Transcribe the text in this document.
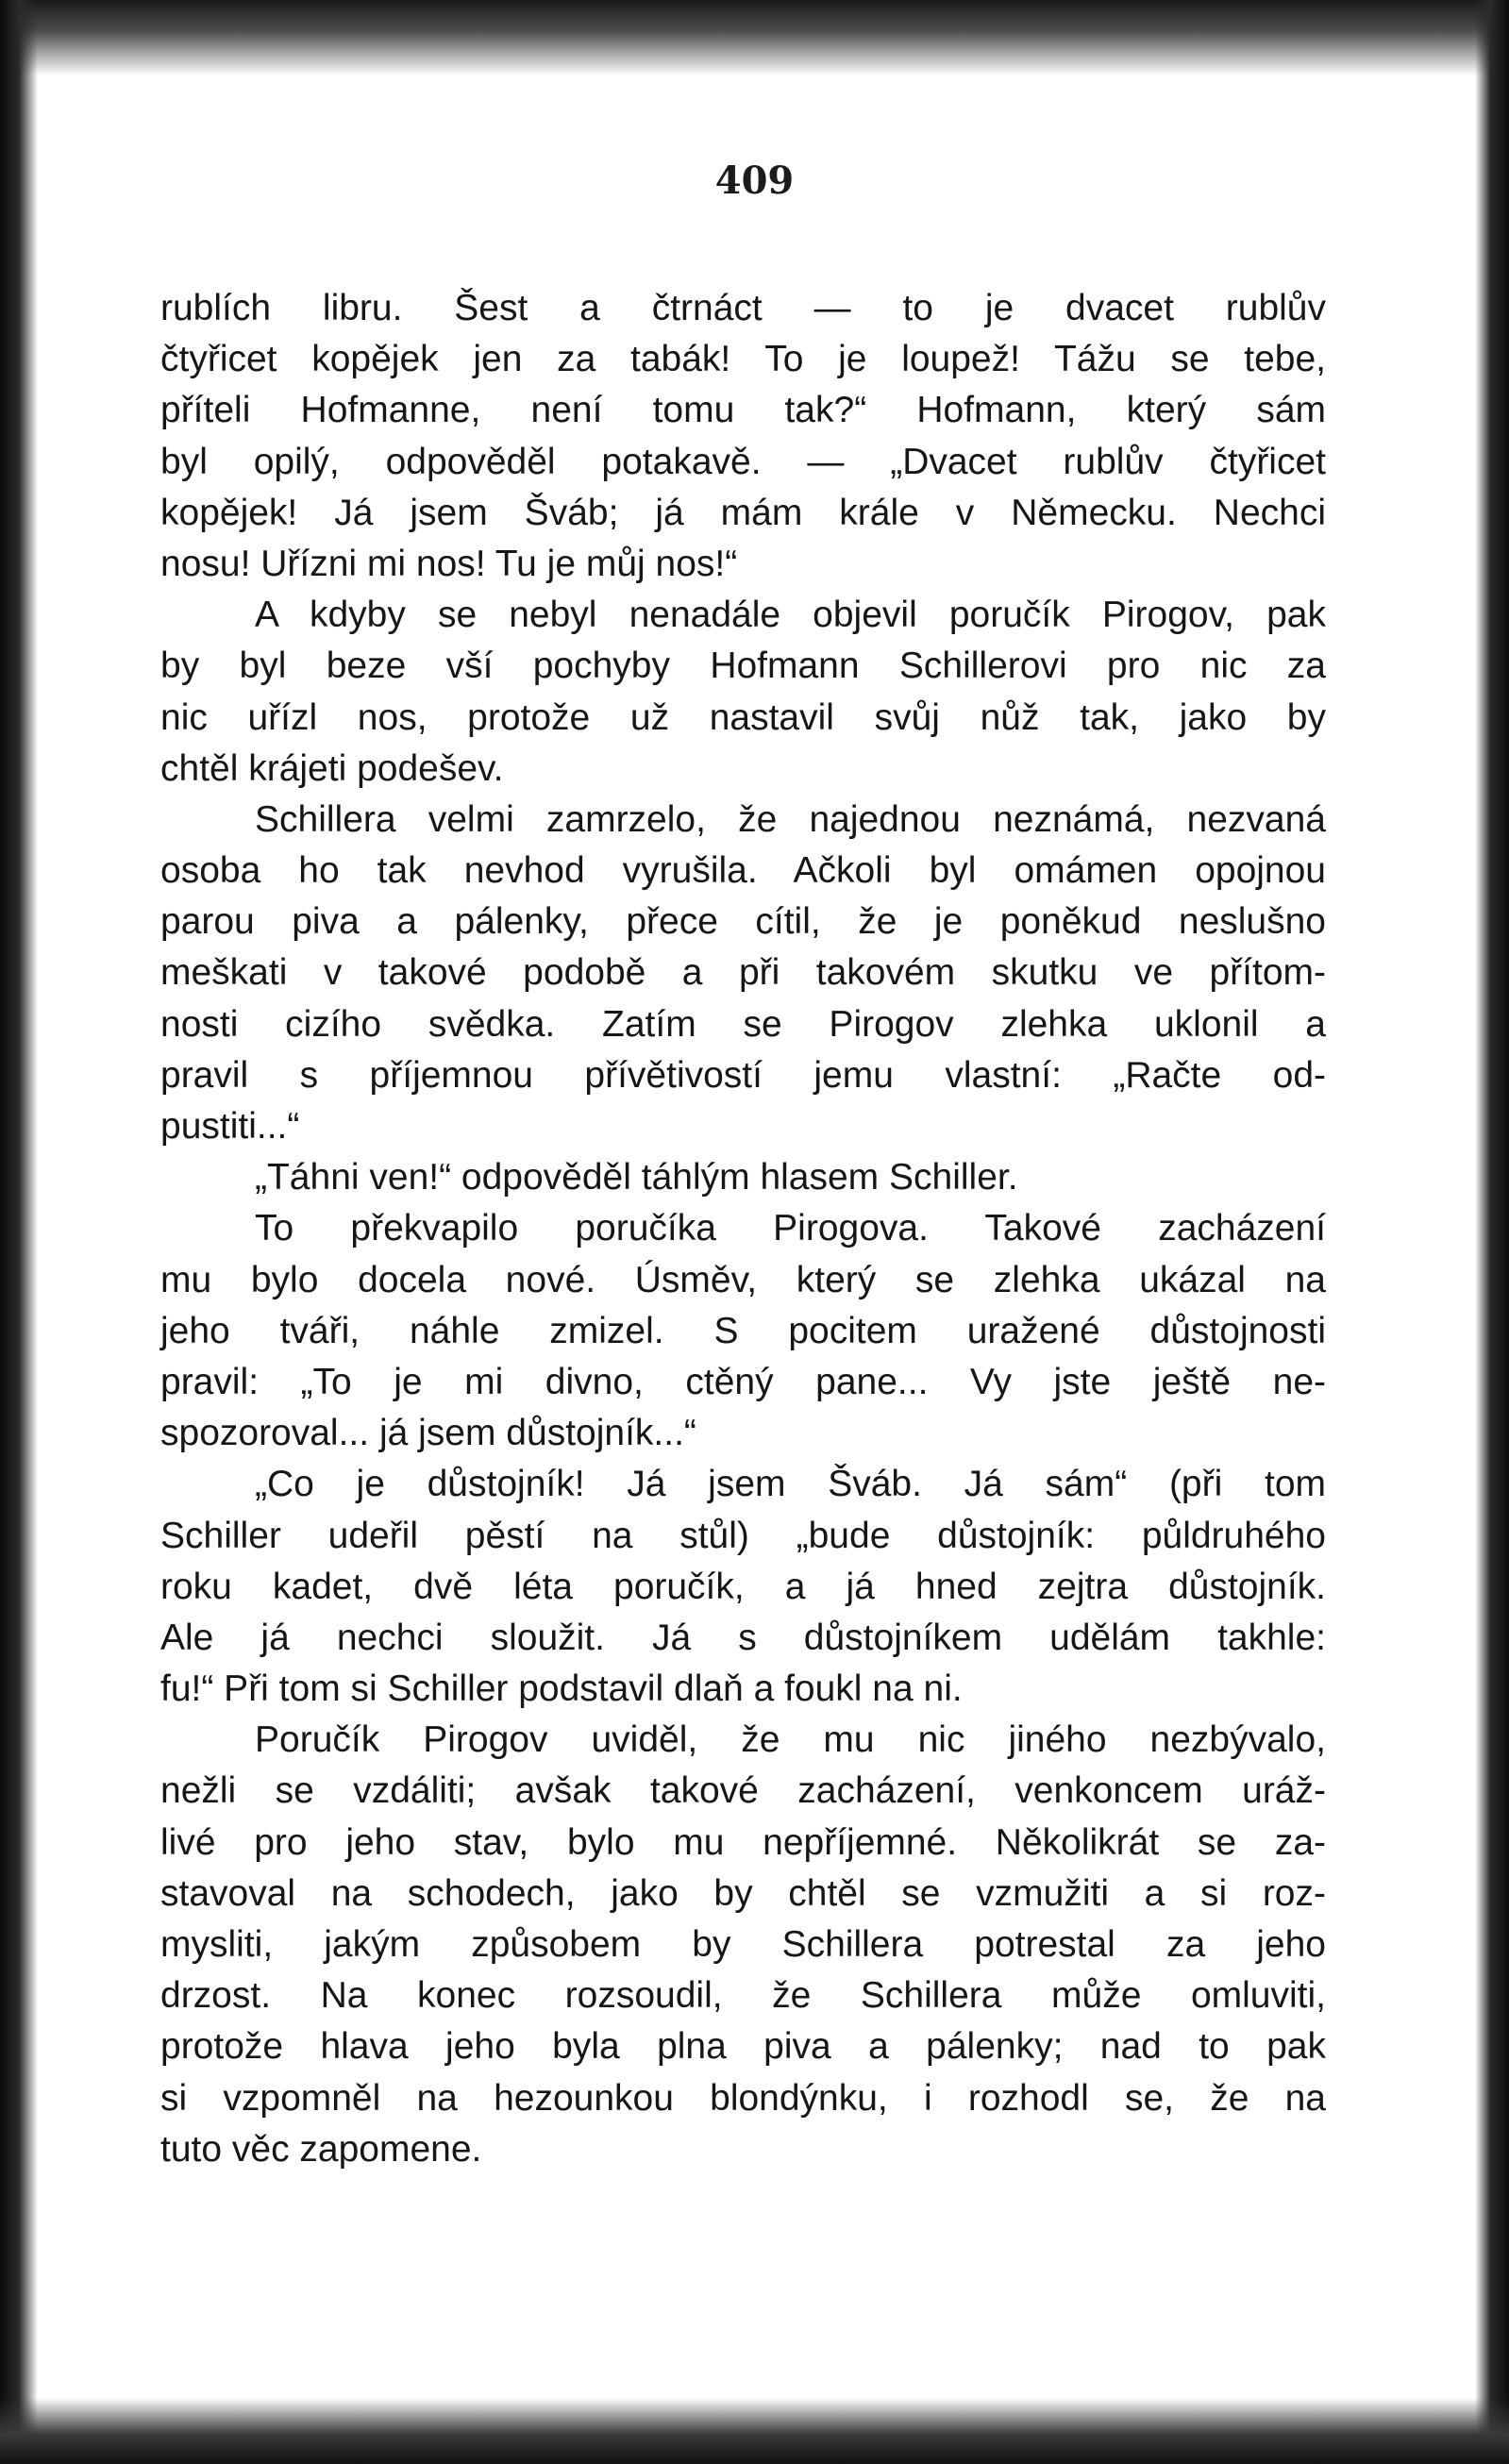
409
rublích libru. Šest a čtrnáct — to je dvacet rublův
čtyřicet kopějek jen za tabák! To je loupež! Tážu se tebe,
příteli Hofmanne, není tomu tak?“ Hofmann, který sám
byl opilý, odpověděl potakavě. — „Dvacet rublův čtyřicet
kopějek! Já jsem Šváb; já mám krále v Německu. Nechci
nosu! Uřízni mi nos! Tu je můj nos!“
A kdyby se nebyl nenadále objevil poručík Pirogov, pak
by byl beze vší pochyby Hofmann Schillerovi pro nic za
nic uřízl nos, protože už nastavil svůj nůž tak, jako by
chtěl krájeti podešev.
Schillera velmi zamrzelo, že najednou neznámá, nezvaná
osoba ho tak nevhod vyrušila. Ačkoli byl omámen opojnou
parou piva a pálenky, přece cítil, že je poněkud neslušno
meškati v takové podobě a při takovém skutku ve přítom-
nosti cizího svědka. Zatím se Pirogov zlehka uklonil a
pravil s příjemnou přívětivostí jemu vlastní: „Račte od-
pustiti...“
„Táhni ven!“ odpověděl táhlým hlasem Schiller.
To překvapilo poručíka Pirogova. Takové zacházení
mu bylo docela nové. Úsměv, který se zlehka ukázal na
jeho tváři, náhle zmizel. S pocitem uražené důstojnosti
pravil: „To je mi divno, ctěný pane... Vy jste ještě ne-
spozoroval... já jsem důstojník...“
„Co je důstojník! Já jsem Šváb. Já sám“ (při tom
Schiller udeřil pěstí na stůl) „bude důstojník: půldruhého
roku kadet, dvě léta poručík, a já hned zejtra důstojník.
Ale já nechci sloužit. Já s důstojníkem udělám takhle:
fu!“ Při tom si Schiller podstavil dlaň a foukl na ni.
Poručík Pirogov uviděl, že mu nic jiného nezbývalo,
nežli se vzdáliti; avšak takové zacházení, venkoncem uráž-
livé pro jeho stav, bylo mu nepříjemné. Několikrát se za-
stavoval na schodech, jako by chtěl se vzmužiti a si roz-
mysliti, jakým způsobem by Schillera potrestal za jeho
drzost. Na konec rozsoudil, že Schillera může omluviti,
protože hlava jeho byla plna piva a pálenky; nad to pak
si vzpomněl na hezounkou blondýnku, i rozhodl se, že na
tuto věc zapomene.
